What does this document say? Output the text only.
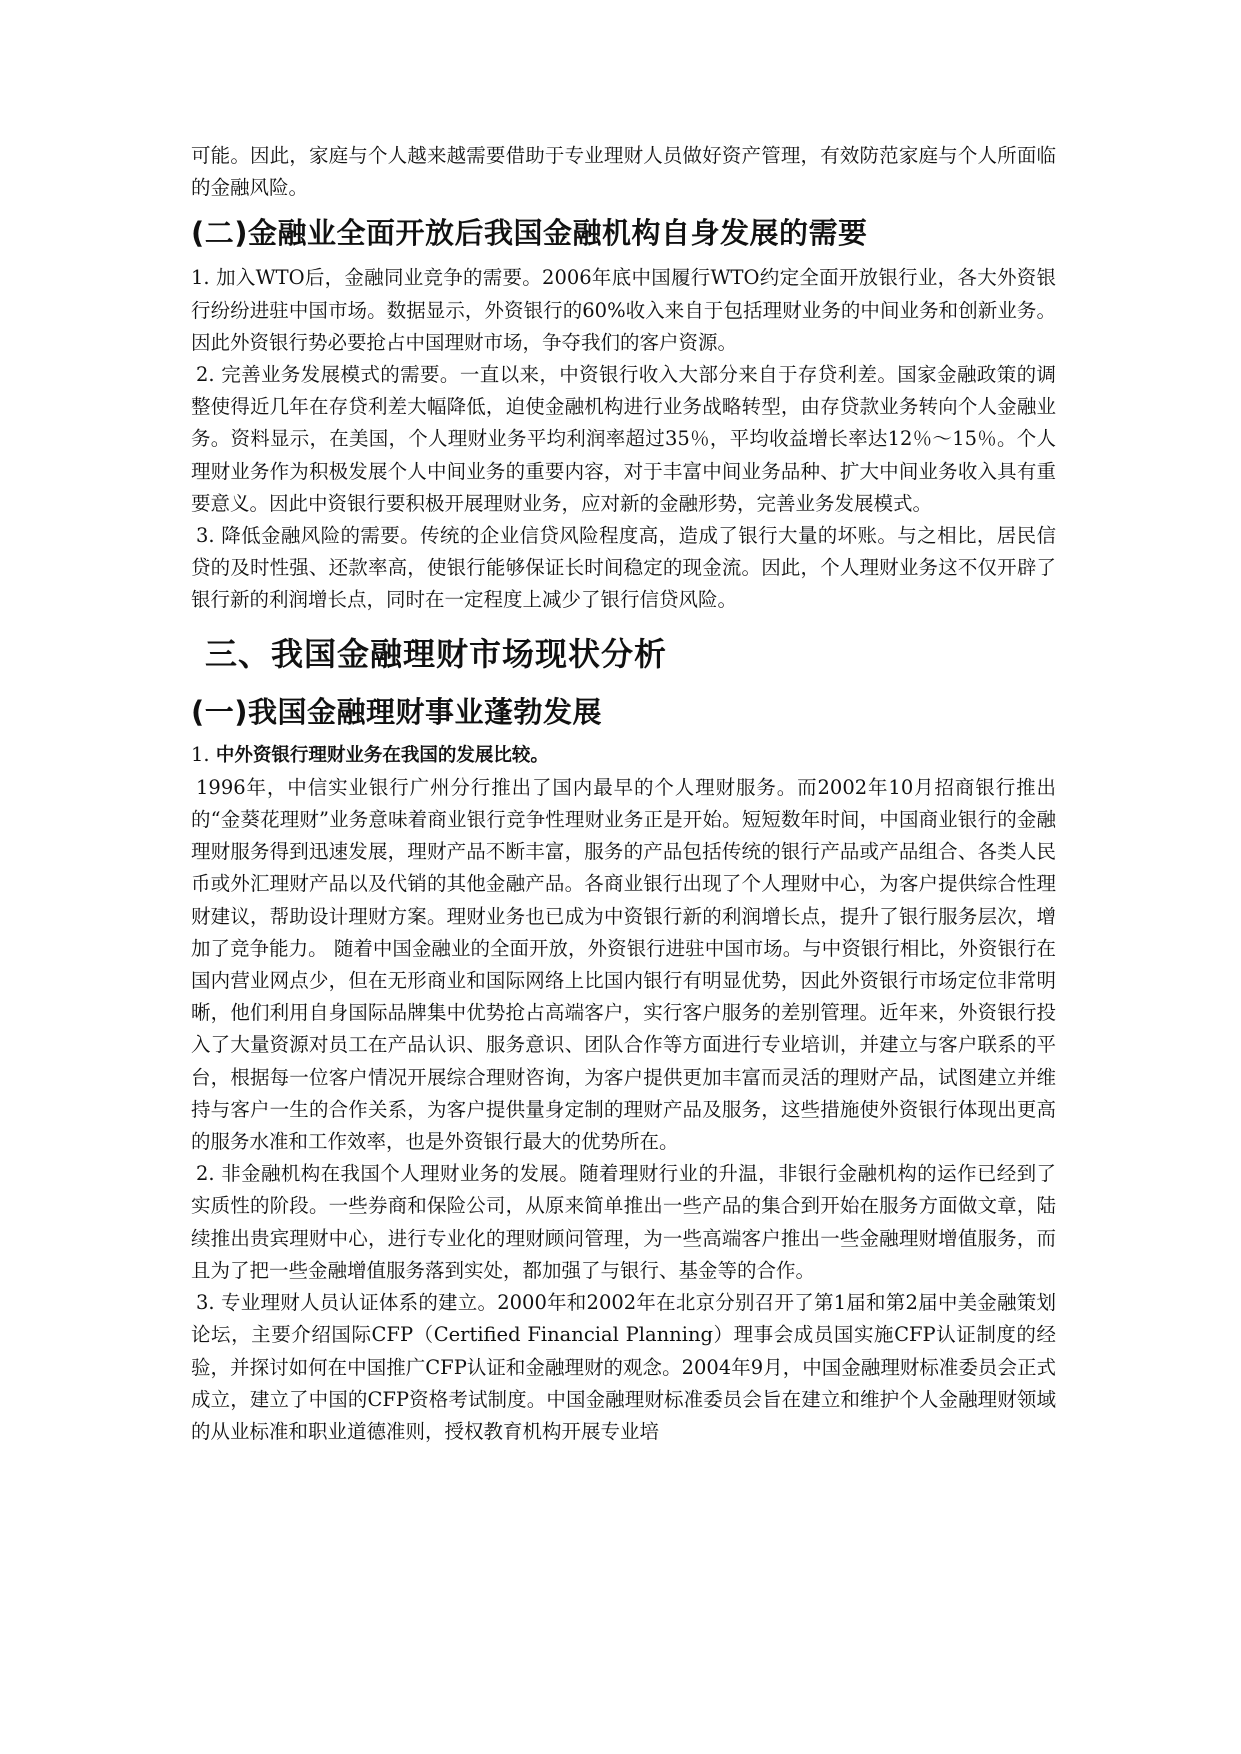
可能。因此，家庭与个人越来越需要借助于专业理财人员做好资产管理，有效防范家庭与个人所面临的金融风险。

(二)金融业全面开放后我国金融机构自身发展的需要

1. 加入WTO后，金融同业竞争的需要。2006年底中国履行WTO约定全面开放银行业，各大外资银行纷纷进驻中国市场。数据显示，外资银行的60%收入来自于包括理财业务的中间业务和创新业务。因此外资银行势必要抢占中国理财市场，争夺我们的客户资源。

2. 完善业务发展模式的需要。一直以来，中资银行收入大部分来自于存贷利差。国家金融政策的调整使得近几年在存贷利差大幅降低，迫使金融机构进行业务战略转型，由存贷款业务转向个人金融业务。资料显示，在美国，个人理财业务平均利润率超过35％，平均收益增长率达12％～15％。个人理财业务作为积极发展个人中间业务的重要内容，对于丰富中间业务品种、扩大中间业务收入具有重要意义。因此中资银行要积极开展理财业务，应对新的金融形势，完善业务发展模式。

3. 降低金融风险的需要。传统的企业信贷风险程度高，造成了银行大量的坏账。与之相比，居民信贷的及时性强、还款率高，使银行能够保证长时间稳定的现金流。因此，个人理财业务这不仅开辟了银行新的利润增长点，同时在一定程度上减少了银行信贷风险。

三、我国金融理财市场现状分析
(一)我国金融理财事业蓬勃发展

1. 中外资银行理财业务在我国的发展比较。

1996年，中信实业银行广州分行推出了国内最早的个人理财服务。而2002年10月招商银行推出的“金葵花理财”业务意味着商业银行竞争性理财业务正是开始。短短数年时间，中国商业银行的金融理财服务得到迅速发展，理财产品不断丰富，服务的产品包括传统的银行产品或产品组合、各类人民币或外汇理财产品以及代销的其他金融产品。各商业银行出现了个人理财中心，为客户提供综合性理财建议，帮助设计理财方案。理财业务也已成为中资银行新的利润增长点，提升了银行服务层次，增加了竞争能力。 随着中国金融业的全面开放，外资银行进驻中国市场。与中资银行相比，外资银行在国内营业网点少，但在无形商业和国际网络上比国内银行有明显优势，因此外资银行市场定位非常明晰，他们利用自身国际品牌集中优势抢占高端客户，实行客户服务的差别管理。近年来，外资银行投入了大量资源对员工在产品认识、服务意识、团队合作等方面进行专业培训，并建立与客户联系的平台，根据每一位客户情况开展综合理财咨询，为客户提供更加丰富而灵活的理财产品，试图建立并维持与客户一生的合作关系，为客户提供量身定制的理财产品及服务，这些措施使外资银行体现出更高的服务水准和工作效率，也是外资银行最大的优势所在。

2. 非金融机构在我国个人理财业务的发展。随着理财行业的升温，非银行金融机构的运作已经到了实质性的阶段。一些券商和保险公司，从原来简单推出一些产品的集合到开始在服务方面做文章，陆续推出贵宾理财中心，进行专业化的理财顾问管理，为一些高端客户推出一些金融理财增值服务，而且为了把一些金融增值服务落到实处，都加强了与银行、基金等的合作。

3. 专业理财人员认证体系的建立。2000年和2002年在北京分别召开了第1届和第2届中美金融策划论坛，主要介绍国际CFP（Certified Financial Planning）理事会成员国实施CFP认证制度的经验，并探讨如何在中国推广CFP认证和金融理财的观念。2004年9月，中国金融理财标准委员会正式成立，建立了中国的CFP资格考试制度。中国金融理财标准委员会旨在建立和维护个人金融理财领域的从业标准和职业道德准则，授权教育机构开展专业培
